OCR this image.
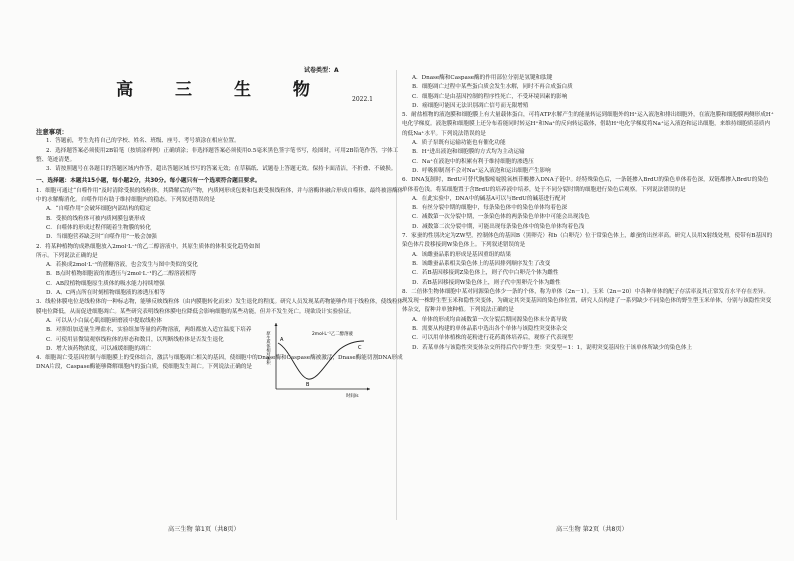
试卷类型：A
高 三 生 物	2022.1

注意事项：

1．答题前，考生先将自己的学校、姓名、班级、座号、考号填涂在相应位置。

2．选择题答案必须使用2B铅笔（按填涂样例）正确填涂；非选择题答案必须使用0.5毫米黑色签字笔书写，绘图时，可用2B铅笔作答，字体工整、笔迹清楚。

3．请按照题号在各题目的答题区域内作答，超出答题区域书写的答案无效；在草稿纸、试题卷上答题无效。保持卡面清洁，不折叠、不破损。

一、选择题：本题共15小题，每小题2分，共30分。每小题只有一个选项符合题目要求。

1．细胞可通过“自噬作用”及时清除受损的线粒体，其降解后的产物，内质网形成包裹和包裹受损线粒体，并与溶酶体融合形成自噬体，最终被溶酶体中的水解酶消化。自噬作用有助于维持细胞内的稳态。下列叙述错误的是

A．“自噬作用”会破坏细胞内部结构的稳定

B．受损的线粒体可被内质网膜包裹形成

C．自噬体的形成过程伴随着生物膜的转化

D．当细胞营养缺乏时“自噬作用”一般会加强

2．将某种植物的成熟细胞放入2mol·L⁻¹的乙二醇溶液中，其原生质体的体积变化趋势如图所示。下列说法正确的是

A．若换成2mol·L⁻¹的蔗糖溶液，也会发生与图中类似的变化

B．B点时植物细胞液的渗透压与2mol·L⁻¹的乙二醇溶液相等

C．AB段植物细胞原生质体的吸水能力持续增强

D．A、C两点所在时刻植物细胞液的渗透压相等

3．线粒体膜电位是线粒体的一种标志物，能够反映线粒体（由内膜胞转化而来）发生退化的程度。研究人员发现某药物能够作用于线粒体，使线粒体膜电位降低，从而促进细胞凋亡。某些研究表明线粒体膜电位降低会影响细胞的某些功能，但并不发生死亡。现欲设计实验验证。

A．可以从小白鼠心肌细胞研磨液中提取线粒体

B．对照组加适量生理盐水，实验组加等量的药物溶液，两组都放入适宜温度下培养

C．可使用显微镜观察线粒体的形态和数目，以判断线粒体是否发生退化

D．增大该药物浓度，可以减缓细胞的凋亡

4．细胞凋亡受基因控制与细胞膜上的受体结合，激活与细胞凋亡相关的基因，使细胞中的Dnase酶和Caspase酶被激活，Dnase酶能切割DNA形成DNA片段，Caspase酶能够降解细胞内的蛋白质，使细胞发生凋亡。下列说法正确的是

A
B
C
2mol·L⁻¹乙二醇溶液
时间/s
原生质体相对体积

A．Dnase酶和Caspase酶的作用部位分别是氢键和肽键

B．细胞凋亡过程中某些蛋白质会发生水解，同时不再合成蛋白质

C．细胞凋亡是由基因控制的程序性死亡，不受环境因素的影响

D．癌细胞可能因无法识别凋亡信号而无限增殖

5．耐盐植物的液泡膜和细胞膜上有大量载体蛋白，可将ATP水解产生的能量转运到细胞外的H⁺运入液泡和排出细胞外，在液泡膜和细胞膜两侧形成H⁺电化学梯度。液泡膜和细胞膜上还分布着能同时转运H⁺和Na⁺的反向转运载体，借助H⁺电化学梯度将Na⁺运入液泡和运出细胞，来维持细胞质基质内的低Na⁺水平。下列说法错误的是

A．质子泵既有运输功能也有催化功能

B．H⁺进出液泡和细胞膜的方式均为主动运输

C．Na⁺在液泡中的积累有利于维持细胞的渗透压

D．呼吸抑制剂不会对Na⁺运入液泡和运出细胞产生影响

6．DNA复制时，BrdU可替代胸腺嘧啶脱氧核苷酸掺入DNA子链中。经特殊染色后，一条链掺入BrdU的染色单体着色深，双链都掺入BrdU的染色单体着色浅。将某细胞置于含BrdU的培养液中培养，处于不同分裂时期的细胞进行染色后观察。下列说法错误的是

A．在此实验中，DNA中的碱基A可以与BrdU的碱基进行配对

B．有丝分裂中期的细胞中，每条染色体中的染色单体均着色深

C．减数第一次分裂中期，一条染色体的两条染色单体中可能会出现浅色

D．减数第二次分裂中期，可能出现每条染色体中的染色单体均着色浅

7．家蚕的性别决定为ZW型，控制体色的基因B（黑卵壳）和b（白卵壳）位于常染色体上，雄蚕的出丝率高。研究人员用X射线处理，使带有B基因的染色体片段移接到W染色体上。下列叙述错误的是

A．该雌蚕品系的形成是基因重组的结果

B．该雌蚕品系相关染色体上的基因排列顺序发生了改变

C．若B基因移接到Z染色体上，则子代中白卵壳个体为雌性

D．若B基因移接到W染色体上，则子代中黑卵壳个体为雌性

8．二倍体生物体细胞中某对同源染色体少一条的个体，称为单体（2n－1）。玉米（2n＝20）中各种单体的配子存活率及其正常发育水平存在差异。现发现一株野生型玉米和隐性突变体，为确定其突变基因的染色体位置，研究人员构建了一系列缺少不同染色体的野生型玉米单体，分别与该隐性突变体杂交，留种并单独种植。下列说法正确的是

A．单体的形成均由减数第一次分裂后期同源染色体未分离导致

B．需要从构建的单体品系中选出各个单体与该隐性突变体杂交

C．可以用单体植株的花粉进行花药离体培养后，观察子代表现型

D．若某单体与该隐性突变体杂交所得后代中野生型：突变型＝1：1，说明突变基因位于该单体所缺少的染色体上

高三生物 第1页（共8页）	高三生物 第2页（共8页）
